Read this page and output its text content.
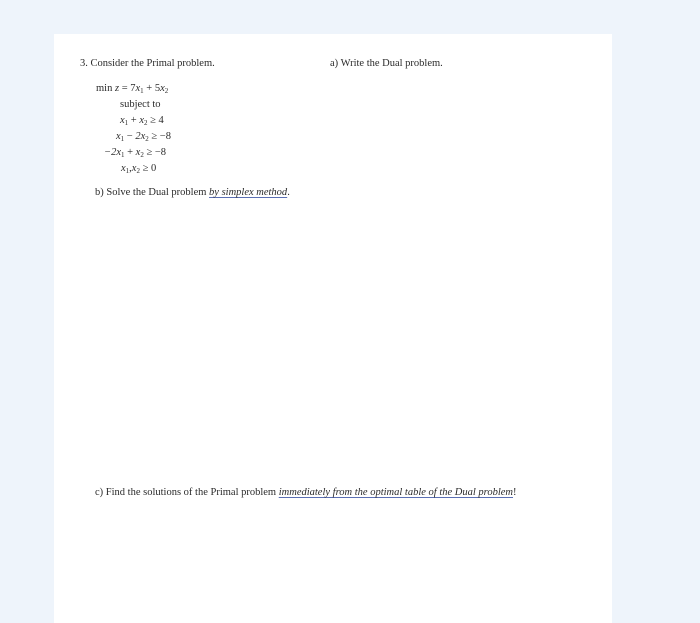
3. Consider the Primal problem.	a) Write the Dual problem.
$\min z = 7x_1 + 5x_2$
subject to
$x_1 + x_2 \ge 4$
$x_1 - 2x_2 \ge -8$
$-2x_1 + x_2 \ge -8$
$x_1,x_2 \ge 0$
b) Solve the Dual problem by simplex method.
c) Find the solutions of the Primal problem immediately from the optimal table of the Dual problem!
